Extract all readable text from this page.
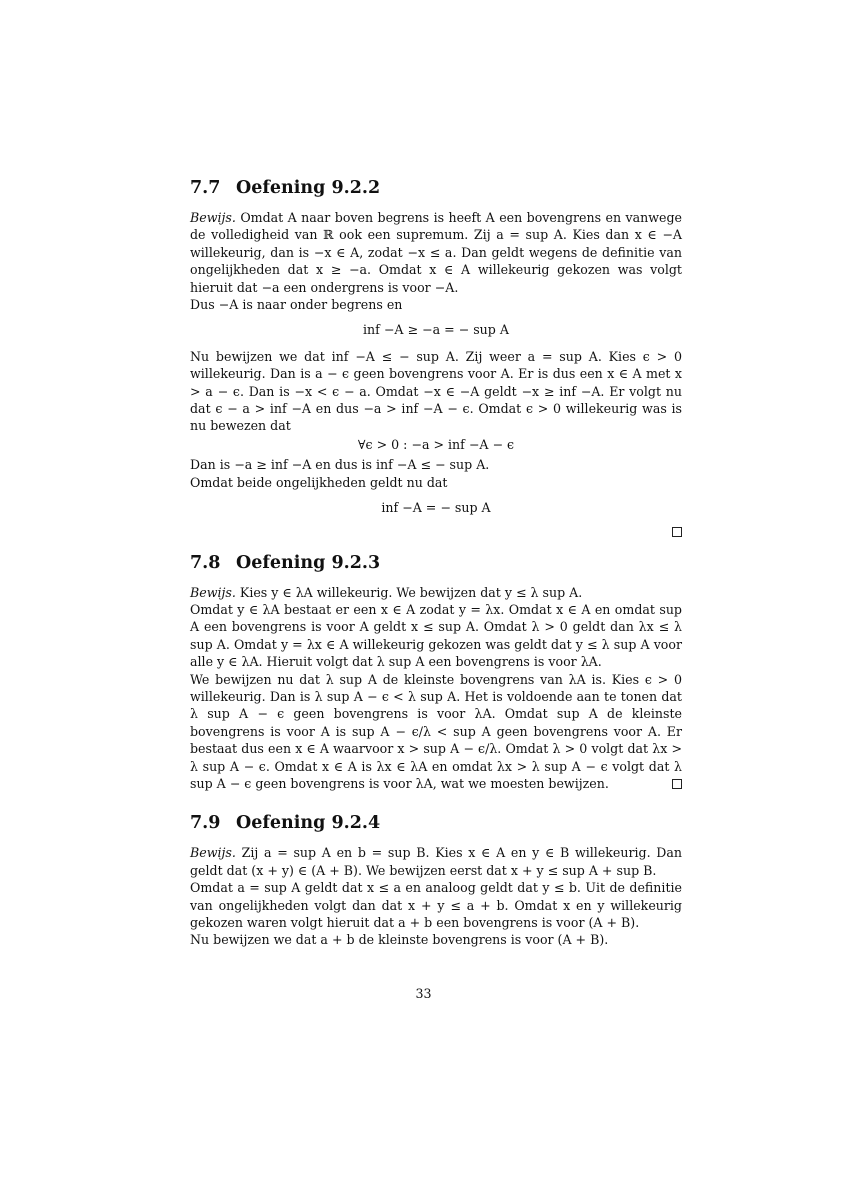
7.7 Oefening 9.2.2

Bewijs. Omdat A naar boven begrens is heeft A een bovengrens en vanwege de volledigheid van ℝ ook een supremum. Zij a = sup A. Kies dan x ∈ −A willekeurig, dan is −x ∈ A, zodat −x ≤ a. Dan geldt wegens de definitie van ongelijkheden dat x ≥ −a. Omdat x ∈ A willekeurig gekozen was volgt hieruit dat −a een ondergrens is voor −A.

Dus −A is naar onder begrens en

inf −A ≥ −a = − sup A

Nu bewijzen we dat inf −A ≤ − sup A. Zij weer a = sup A. Kies ϵ > 0 willekeurig. Dan is a − ϵ geen bovengrens voor A. Er is dus een x ∈ A met x > a − ϵ. Dan is −x < ϵ − a. Omdat −x ∈ −A geldt −x ≥ inf −A. Er volgt nu dat ϵ − a > inf −A en dus −a > inf −A − ϵ. Omdat ϵ > 0 willekeurig was is nu bewezen dat

∀ϵ > 0 : −a > inf −A − ϵ

Dan is −a ≥ inf −A en dus is inf −A ≤ − sup A.

Omdat beide ongelijkheden geldt nu dat

inf −A = − sup A

7.8 Oefening 9.2.3

Bewijs. Kies y ∈ λA willekeurig. We bewijzen dat y ≤ λ sup A.

Omdat y ∈ λA bestaat er een x ∈ A zodat y = λx. Omdat x ∈ A en omdat sup A een bovengrens is voor A geldt x ≤ sup A. Omdat λ > 0 geldt dan λx ≤ λ sup A. Omdat y = λx ∈ A willekeurig gekozen was geldt dat y ≤ λ sup A voor alle y ∈ λA. Hieruit volgt dat λ sup A een bovengrens is voor λA.

We bewijzen nu dat λ sup A de kleinste bovengrens van λA is. Kies ϵ > 0 willekeurig. Dan is λ sup A − ϵ < λ sup A. Het is voldoende aan te tonen dat λ sup A − ϵ geen bovengrens is voor λA. Omdat sup A de kleinste bovengrens is voor A is sup A − ϵ/λ < sup A geen bovengrens voor A. Er bestaat dus een x ∈ A waarvoor x > sup A − ϵ/λ. Omdat λ > 0 volgt dat λx > λ sup A − ϵ. Omdat x ∈ A is λx ∈ λA en omdat λx > λ sup A − ϵ volgt dat λ sup A − ϵ geen bovengrens is voor λA, wat we moesten bewijzen.

7.9 Oefening 9.2.4

Bewijs. Zij a = sup A en b = sup B. Kies x ∈ A en y ∈ B willekeurig. Dan geldt dat (x + y) ∈ (A + B). We bewijzen eerst dat x + y ≤ sup A + sup B.

Omdat a = sup A geldt dat x ≤ a en analoog geldt dat y ≤ b. Uit de definitie van ongelijkheden volgt dan dat x + y ≤ a + b. Omdat x en y willekeurig gekozen waren volgt hieruit dat a + b een bovengrens is voor (A + B).

Nu bewijzen we dat a + b de kleinste bovengrens is voor (A + B).

33
